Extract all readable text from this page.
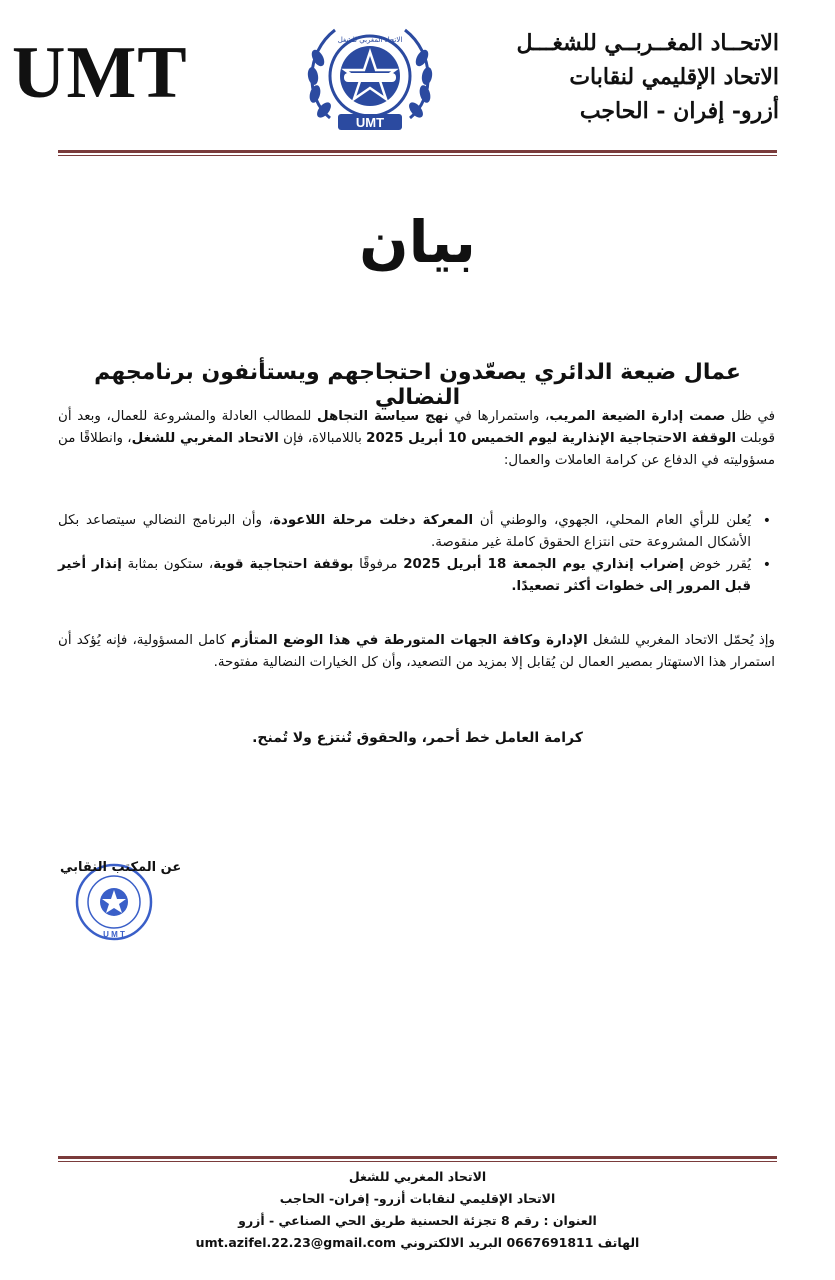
UMT
UMT
الاتحاد المغربي للشغل	الاتحــاد المغــربــي للشغـــل
الاتحاد الإقليمي لنقابات
أزرو- إفران - الحاجب
بيان
عمال ضيعة الدائري يصعّدون احتجاجهم ويستأنفون برنامجهم النضالي
في ظل صمت إدارة الضيعة المريب، واستمرارها في نهج سياسة التجاهل للمطالب العادلة والمشروعة للعمال، وبعد أن قوبلت الوقفة الاحتجاجية الإنذارية ليوم الخميس 10 أبريل 2025 باللامبالاة، فإن الاتحاد المغربي للشغل، وانطلاقًا من مسؤوليته في الدفاع عن كرامة العاملات والعمال:
•
يُعلن للرأي العام المحلي، الجهوي، والوطني أن المعركة دخلت مرحلة اللاعودة، وأن البرنامج النضالي سيتصاعد بكل الأشكال المشروعة حتى انتزاع الحقوق كاملة غير منقوصة.
•
يُقرر خوض إضراب إنذاري يوم الجمعة 18 أبريل 2025 مرفوقًا بوقفة احتجاجية قوية، ستكون بمثابة إنذار أخير قبل المرور إلى خطوات أكثر تصعيدًا.
وإذ يُحمّل الاتحاد المغربي للشغل الإدارة وكافة الجهات المتورطة في هذا الوضع المتأزم كامل المسؤولية، فإنه يُؤكد أن استمرار هذا الاستهتار بمصير العمال لن يُقابل إلا بمزيد من التصعيد، وأن كل الخيارات النضالية مفتوحة.
كرامة العامل خط أحمر، والحقوق تُنتزع ولا تُمنح.
U M T
عن المكتب النقابي
الاتحاد المغربي للشغل
الاتحاد الإقليمي لنقابات أزرو- إفران- الحاجب
العنوان : رقم 8 تجزئة الحسنية طريق الحي الصناعي - أزرو
الهاتف 0667691811 البريد الالكتروني umt.azifel.22.23@gmail.com
